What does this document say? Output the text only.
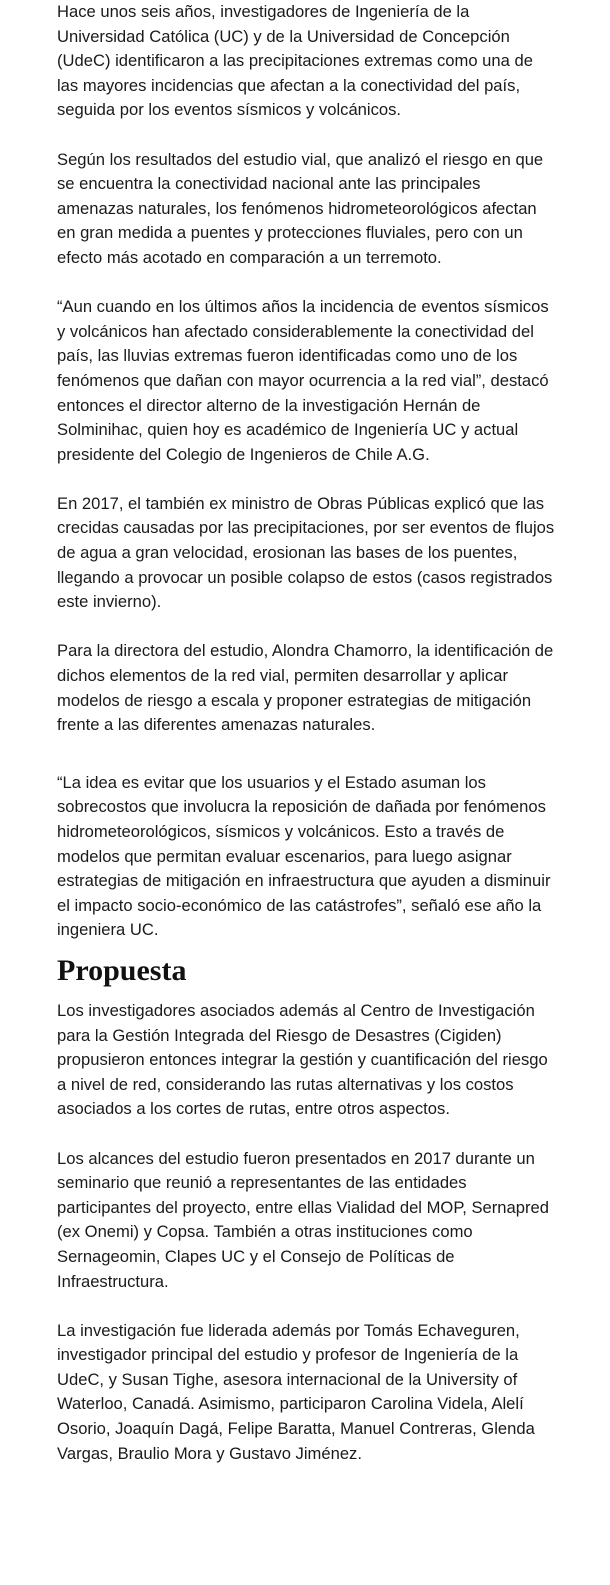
Hace unos seis años, investigadores de Ingeniería de la Universidad Católica (UC) y de la Universidad de Concepción (UdeC) identificaron a las precipitaciones extremas como una de las mayores incidencias que afectan a la conectividad del país, seguida por los eventos sísmicos y volcánicos.

Según los resultados del estudio vial, que analizó el riesgo en que se encuentra la conectividad nacional ante las principales amenazas naturales, los fenómenos hidrometeorológicos afectan en gran medida a puentes y protecciones fluviales, pero con un efecto más acotado en comparación a un terremoto.

“Aun cuando en los últimos años la incidencia de eventos sísmicos y volcánicos han afectado considerablemente la conectividad del país, las lluvias extremas fueron identificadas como uno de los fenómenos que dañan con mayor ocurrencia a la red vial”, destacó entonces el director alterno de la investigación Hernán de Solminihac, quien hoy es académico de Ingeniería UC y actual presidente del Colegio de Ingenieros de Chile A.G.

En 2017, el también ex ministro de Obras Públicas explicó que las crecidas causadas por las precipitaciones, por ser eventos de flujos de agua a gran velocidad, erosionan las bases de los puentes, llegando a provocar un posible colapso de estos (casos registrados este invierno).

Para la directora del estudio, Alondra Chamorro, la identificación de dichos elementos de la red vial, permiten desarrollar y aplicar modelos de riesgo a escala y proponer estrategias de mitigación frente a las diferentes amenazas naturales.

“La idea es evitar que los usuarios y el Estado asuman los sobrecostos que involucra la reposición de dañada por fenómenos hidrometeorológicos, sísmicos y volcánicos. Esto a través de modelos que permitan evaluar escenarios, para luego asignar estrategias de mitigación en infraestructura que ayuden a disminuir el impacto socio-económico de las catástrofes”, señaló ese año la ingeniera UC.

Propuesta

Los investigadores asociados además al Centro de Investigación para la Gestión Integrada del Riesgo de Desastres (Cigiden) propusieron entonces integrar la gestión y cuantificación del riesgo a nivel de red, considerando las rutas alternativas y los costos asociados a los cortes de rutas, entre otros aspectos.

Los alcances del estudio fueron presentados en 2017 durante un seminario que reunió a representantes de las entidades participantes del proyecto, entre ellas Vialidad del MOP, Sernapred (ex Onemi) y Copsa. También a otras instituciones como Sernageomin, Clapes UC y el Consejo de Políticas de Infraestructura.

La investigación fue liderada además por Tomás Echaveguren, investigador principal del estudio y profesor de Ingeniería de la UdeC, y Susan Tighe, asesora internacional de la University of Waterloo, Canadá. Asimismo, participaron Carolina Videla, Alelí Osorio, Joaquín Dagá, Felipe Baratta, Manuel Contreras, Glenda Vargas, Braulio Mora y Gustavo Jiménez.
